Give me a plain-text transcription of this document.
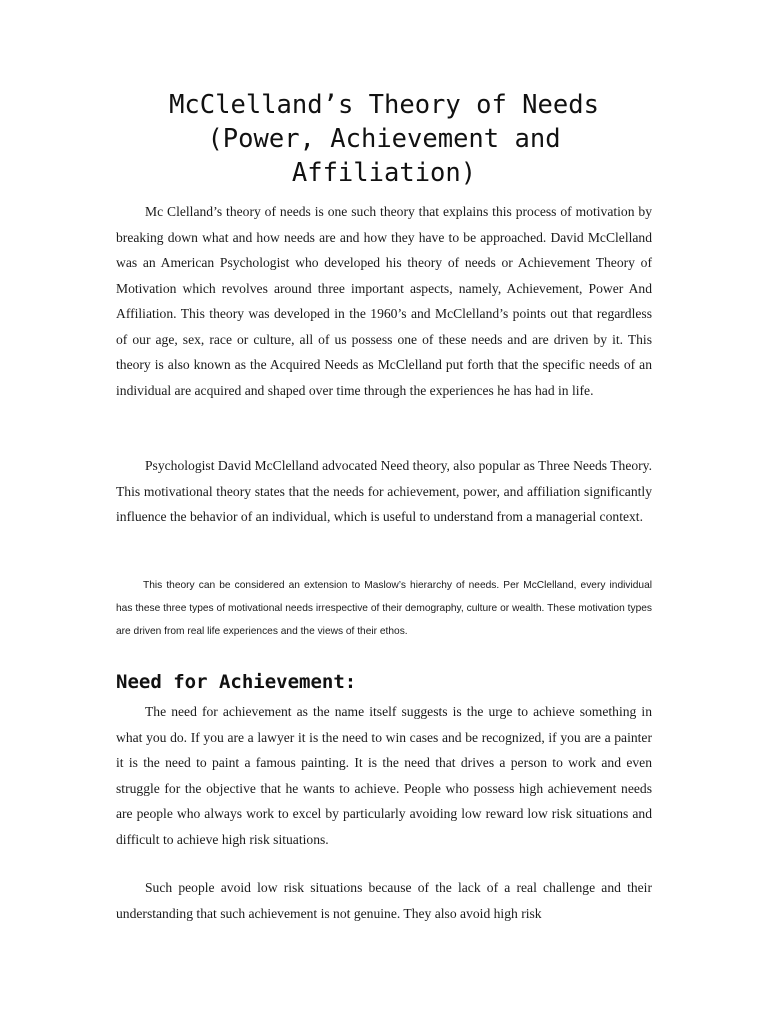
McClelland’s Theory of Needs
(Power, Achievement and
Affiliation)

Mc Clelland’s theory of needs is one such theory that explains this process of motivation by breaking down what and how needs are and how they have to be approached. David McClelland was an American Psychologist who developed his theory of needs or Achievement Theory of Motivation which revolves around three important aspects, namely, Achievement, Power And Affiliation. This theory was developed in the 1960’s and McClelland’s points out that regardless of our age, sex, race or culture, all of us possess one of these needs and are driven by it. This theory is also known as the Acquired Needs as McClelland put forth that the specific needs of an individual are acquired and shaped over time through the experiences he has had in life.

Psychologist David McClelland advocated Need theory, also popular as Three Needs Theory. This motivational theory states that the needs for achievement, power, and affiliation significantly influence the behavior of an individual, which is useful to understand from a managerial context.

This theory can be considered an extension to Maslow’s hierarchy of needs. Per McClelland, every individual has these three types of motivational needs irrespective of their demography, culture or wealth. These motivation types are driven from real life experiences and the views of their ethos.

Need for Achievement:

The need for achievement as the name itself suggests is the urge to achieve something in what you do. If you are a lawyer it is the need to win cases and be recognized, if you are a painter it is the need to paint a famous painting. It is the need that drives a person to work and even struggle for the objective that he wants to achieve. People who possess high achievement needs are people who always work to excel by particularly avoiding low reward low risk situations and difficult to achieve high risk situations.

Such people avoid low risk situations because of the lack of a real challenge and their understanding that such achievement is not genuine. They also avoid high risk
